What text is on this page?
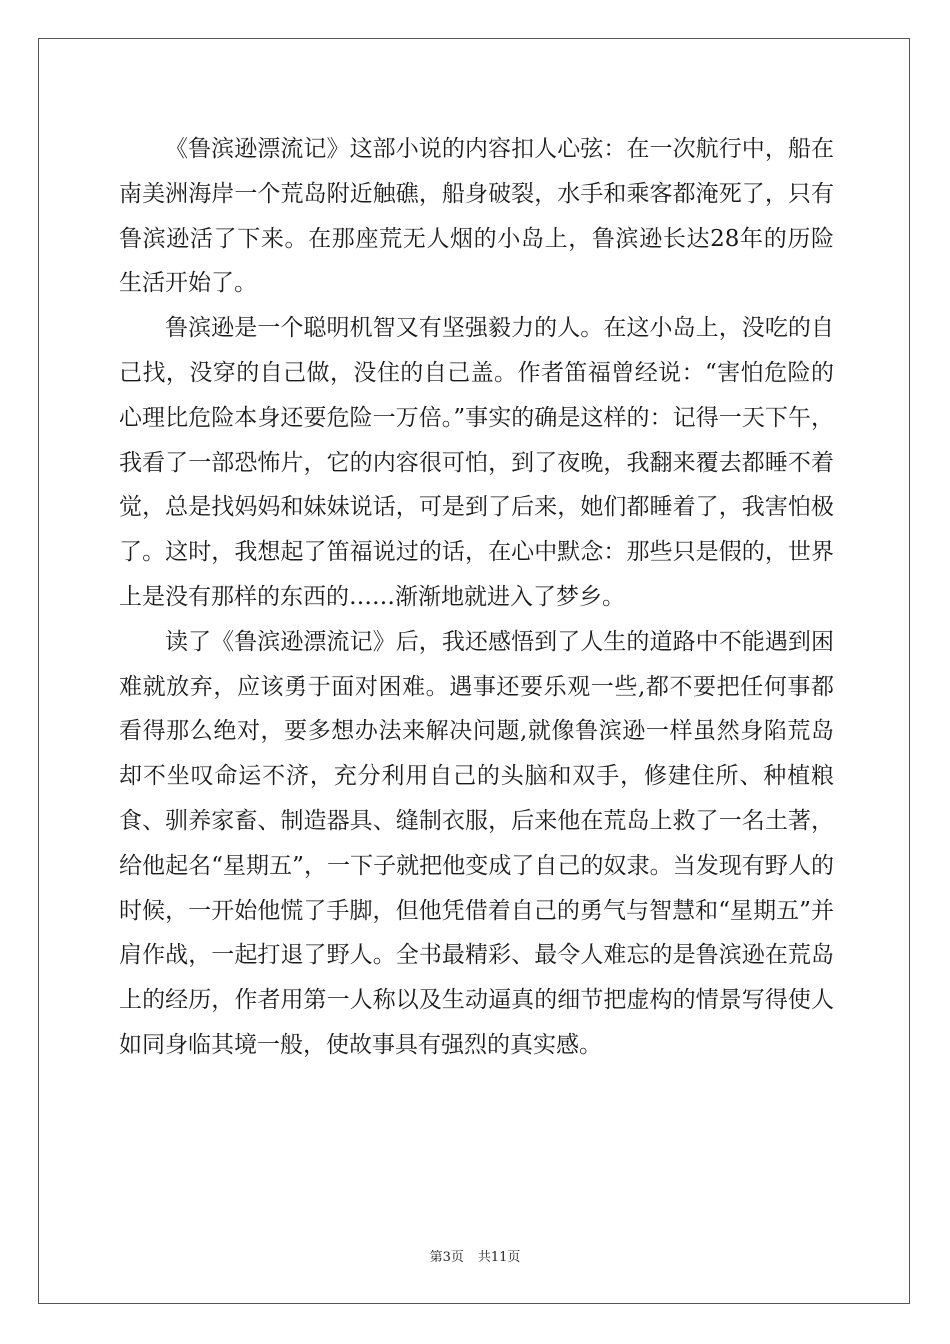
《鲁滨逊漂流记》这部小说的内容扣人心弦：在一次航行中，船在南美洲海岸一个荒岛附近触礁，船身破裂，水手和乘客都淹死了，只有鲁滨逊活了下来。在那座荒无人烟的小岛上，鲁滨逊长达28年的历险生活开始了。

鲁滨逊是一个聪明机智又有坚强毅力的人。在这小岛上，没吃的自己找，没穿的自己做，没住的自己盖。作者笛福曾经说：“害怕危险的心理比危险本身还要危险一万倍。”事实的确是这样的：记得一天下午，我看了一部恐怖片，它的内容很可怕，到了夜晚，我翻来覆去都睡不着觉，总是找妈妈和妹妹说话，可是到了后来，她们都睡着了，我害怕极了。这时，我想起了笛福说过的话，在心中默念：那些只是假的，世界上是没有那样的东西的……渐渐地就进入了梦乡。

读了《鲁滨逊漂流记》后，我还感悟到了人生的道路中不能遇到困难就放弃，应该勇于面对困难。遇事还要乐观一些,都不要把任何事都看得那么绝对，要多想办法来解决问题,就像鲁滨逊一样虽然身陷荒岛却不坐叹命运不济，充分利用自己的头脑和双手，修建住所、种植粮食、驯养家畜、制造器具、缝制衣服，后来他在荒岛上救了一名土著，给他起名“星期五”，一下子就把他变成了自己的奴隶。当发现有野人的时候，一开始他慌了手脚，但他凭借着自己的勇气与智慧和“星期五”并肩作战，一起打退了野人。全书最精彩、最令人难忘的是鲁滨逊在荒岛上的经历，作者用第一人称以及生动逼真的细节把虚构的情景写得使人如同身临其境一般，使故事具有强烈的真实感。

第3页 共11页
